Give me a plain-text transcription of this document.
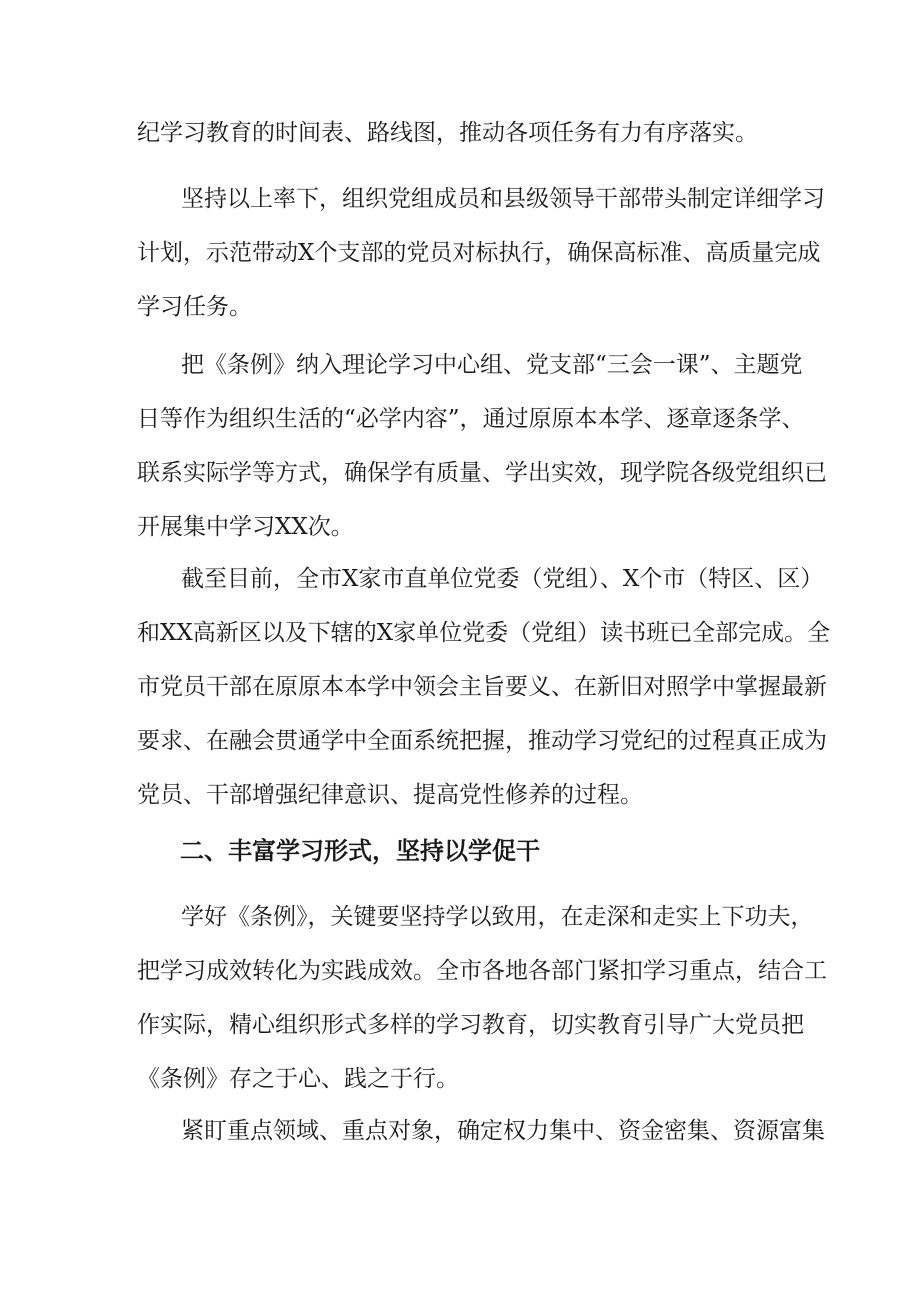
纪学习教育的时间表、路线图，推动各项任务有力有序落实。

坚持以上率下，组织党组成员和县级领导干部带头制定详细学习
计划，示范带动X个支部的党员对标执行，确保高标准、高质量完成
学习任务。

把《条例》纳入理论学习中心组、党支部“三会一课”、主题党
日等作为组织生活的“必学内容”，通过原原本本学、逐章逐条学、
联系实际学等方式，确保学有质量、学出实效，现学院各级党组织已
开展集中学习XX次。

截至目前，全市X家市直单位党委（党组）、X个市（特区、区）
和XX高新区以及下辖的X家单位党委（党组）读书班已全部完成。全
市党员干部在原原本本学中领会主旨要义、在新旧对照学中掌握最新
要求、在融会贯通学中全面系统把握，推动学习党纪的过程真正成为
党员、干部增强纪律意识、提高党性修养的过程。

二、丰富学习形式，坚持以学促干

学好《条例》，关键要坚持学以致用，在走深和走实上下功夫，
把学习成效转化为实践成效。全市各地各部门紧扣学习重点，结合工
作实际，精心组织形式多样的学习教育，切实教育引导广大党员把
《条例》存之于心、践之于行。

紧盯重点领域、重点对象，确定权力集中、资金密集、资源富集
